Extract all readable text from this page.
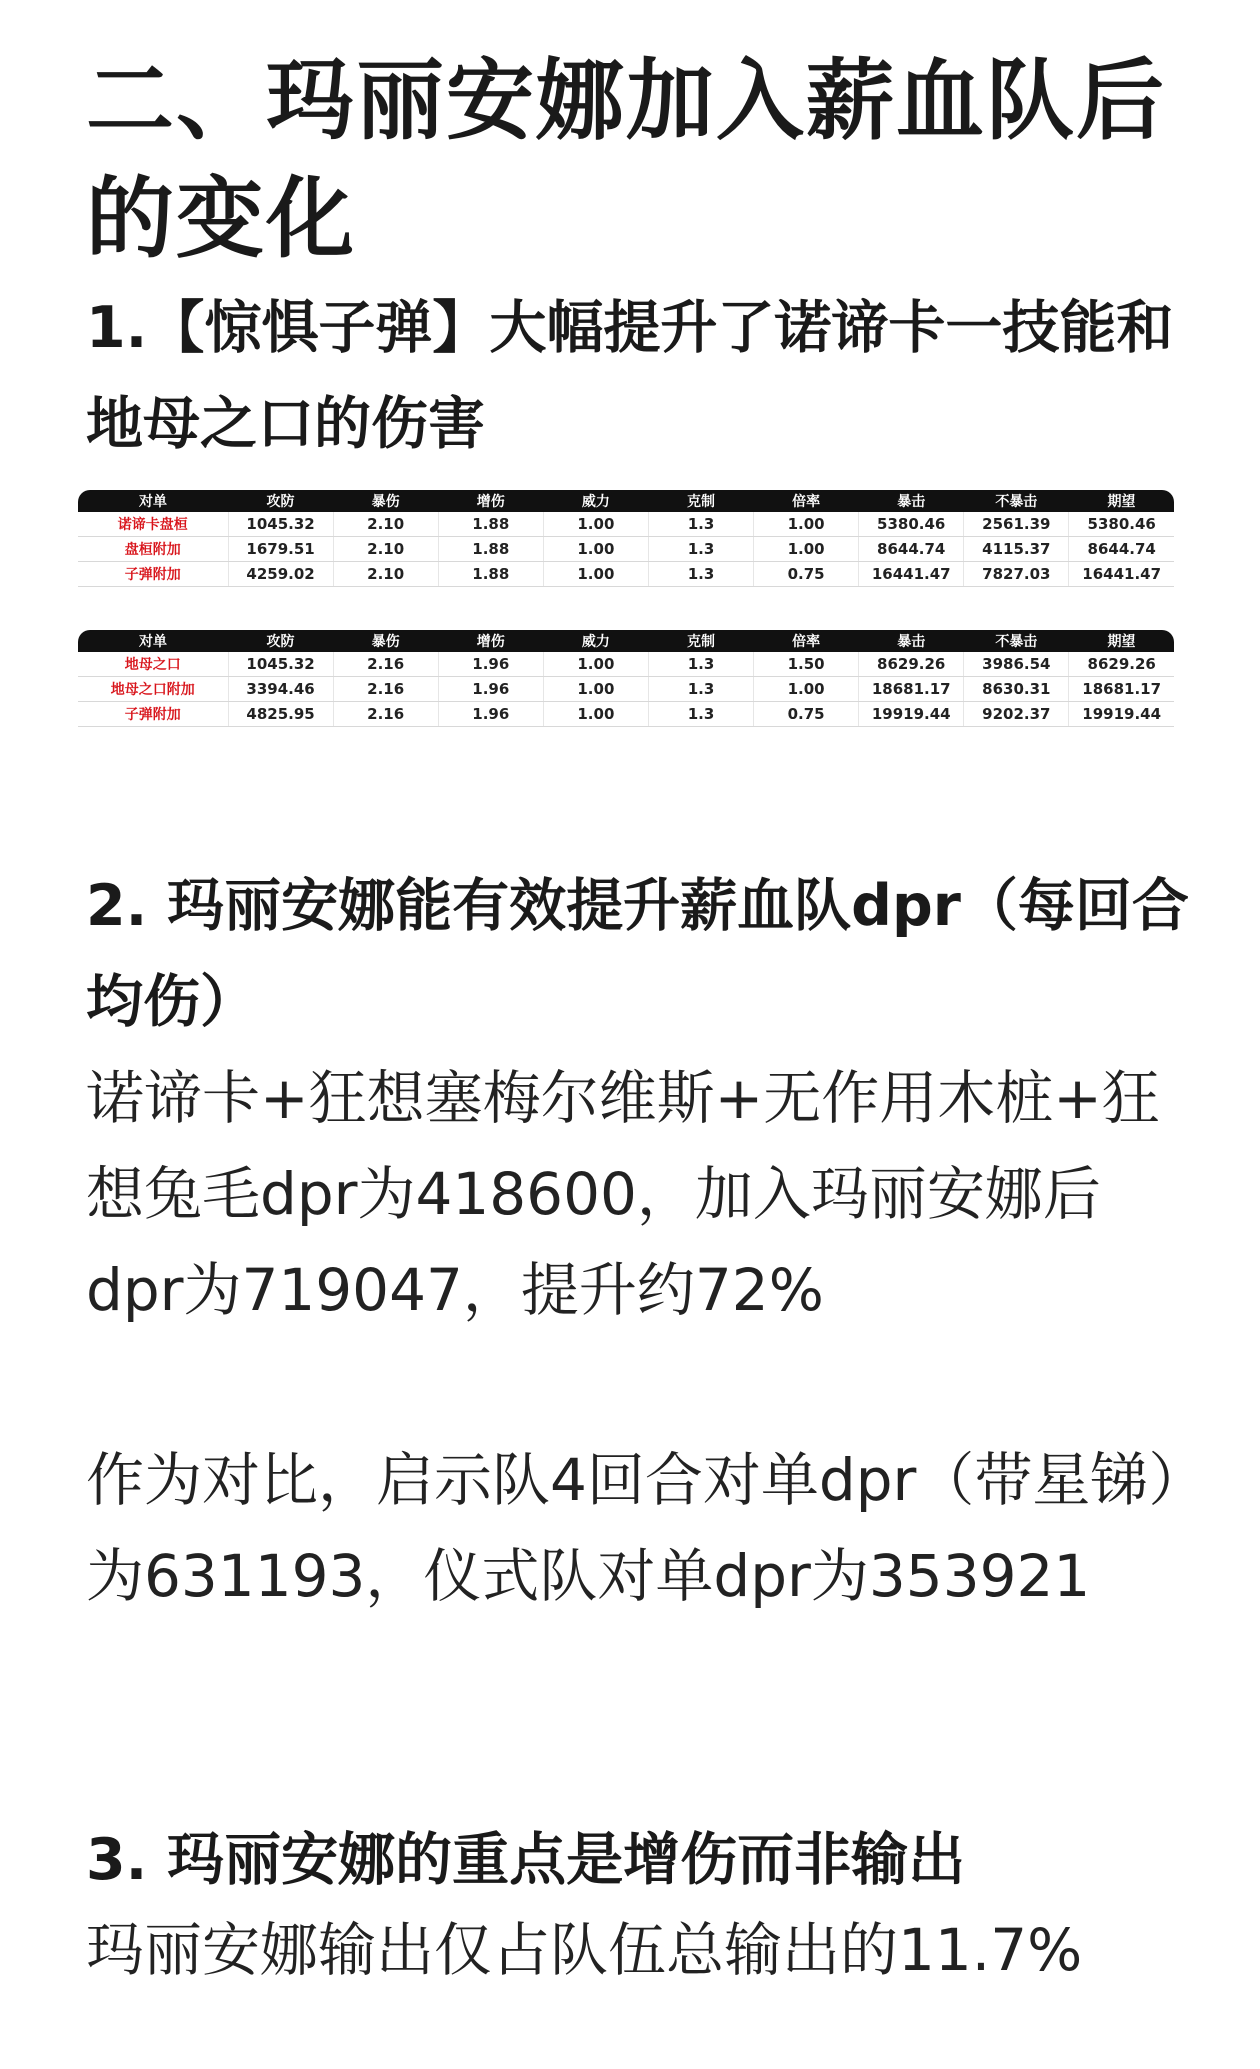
二、玛丽安娜加入薪血队后的变化
1.【惊惧子弹】大幅提升了诺谛卡一技能和地母之口的伤害
对单	攻防	暴伤	增伤	威力	克制	倍率	暴击	不暴击	期望
诺谛卡盘桓	1045.32	2.10	1.88	1.00	1.3	1.00	5380.46	2561.39	5380.46
盘桓附加	1679.51	2.10	1.88	1.00	1.3	1.00	8644.74	4115.37	8644.74
子弹附加	4259.02	2.10	1.88	1.00	1.3	0.75	16441.47	7827.03	16441.47
对单	攻防	暴伤	增伤	威力	克制	倍率	暴击	不暴击	期望
地母之口	1045.32	2.16	1.96	1.00	1.3	1.50	8629.26	3986.54	8629.26
地母之口附加	3394.46	2.16	1.96	1.00	1.3	1.00	18681.17	8630.31	18681.17
子弹附加	4825.95	2.16	1.96	1.00	1.3	0.75	19919.44	9202.37	19919.44
2. 玛丽安娜能有效提升薪血队dpr（每回合均伤）
诺谛卡+狂想塞梅尔维斯+无作用木桩+狂想兔毛dpr为418600，加入玛丽安娜后dpr为719047，提升约72%
作为对比，启示队4回合对单dpr（带星锑）为631193，仪式队对单dpr为353921
3. 玛丽安娜的重点是增伤而非输出
玛丽安娜输出仅占队伍总输出的11.7%
